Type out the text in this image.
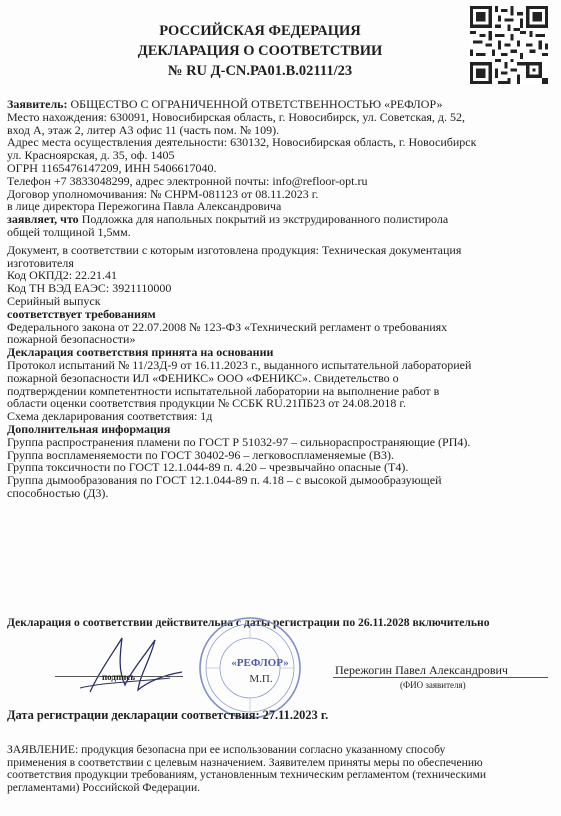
РОССИЙСКАЯ ФЕДЕРАЦИЯ
ДЕКЛАРАЦИЯ О СООТВЕТСТВИИ
№ RU Д-CN.РА01.В.02111/23

Заявитель: ОБЩЕСТВО С ОГРАНИЧЕННОЙ ОТВЕТСТВЕННОСТЬЮ «РЕФЛОР»

Место нахождения: 630091, Новосибирская область, г. Новосибирск, ул. Советская, д. 52,

вход А, этаж 2, литер А3 офис 11 (часть пом. № 109).

Адрес места осуществления деятельности: 630132, Новосибирская область, г. Новосибирск

ул. Красноярская, д. 35, оф. 1405

ОГРН 1165476147209, ИНН 5406617040.

Телефон +7 3833048299, адрес электронной почты: info@refloor-opt.ru

Договор уполномочивания: № СНРМ-081123 от 08.11.2023 г.

в лице директора Пережогина Павла Александровича

заявляет, что Подложка для напольных покрытий из экструдированного полистирола

общей толщиной 1,5мм.

Документ, в соответствии с которым изготовлена продукция: Техническая документация

изготовителя

Код ОКПД2: 22.21.41

Код ТН ВЭД ЕАЭС: 3921110000

Серийный выпуск

соответствует требованиям

Федерального закона от 22.07.2008 № 123-ФЗ «Технический регламент о требованиях

пожарной безопасности»

Декларация соответствия принята на основании

Протокол испытаний № 11/23Д-9 от 16.11.2023 г., выданного испытательной лабораторией

пожарной безопасности ИЛ «ФЕНИКС» ООО «ФЕНИКС». Свидетельство о

подтверждении компетентности испытательной лаборатории на выполнение работ в

области оценки соответствия продукции № ССБК RU.21ПБ23 от 24.08.2018 г.

Схема декларирования соответствия: 1д

Дополнительная информация

Группа распространения пламени по ГОСТ Р 51032-97 – сильнораспространяющие (РП4).

Группа воспламеняемости по ГОСТ 30402-96 – легковоспламеняемые (В3).

Группа токсичности по ГОСТ 12.1.044-89 п. 4.20 – чрезвычайно опасные (Т4).

Группа дымообразования по ГОСТ 12.1.044-89 п. 4.18 – с высокой дымообразующей

способностью (Д3).

Декларация о соответствии действительна с даты регистрации по 26.11.2028 включительно
подпись
«РЕФЛОР»
М.П.
Пережогин Павел Александрович
(ФИО заявителя)
Дата регистрации декларации соответствия: 27.11.2023 г.

ЗАЯВЛЕНИЕ: продукция безопасна при ее использовании согласно указанному способу

применения в соответствии с целевым назначением. Заявителем приняты меры по обеспечению

соответствия продукции требованиям, установленным техническим регламентом (техническими

регламентами) Российской Федерации.
